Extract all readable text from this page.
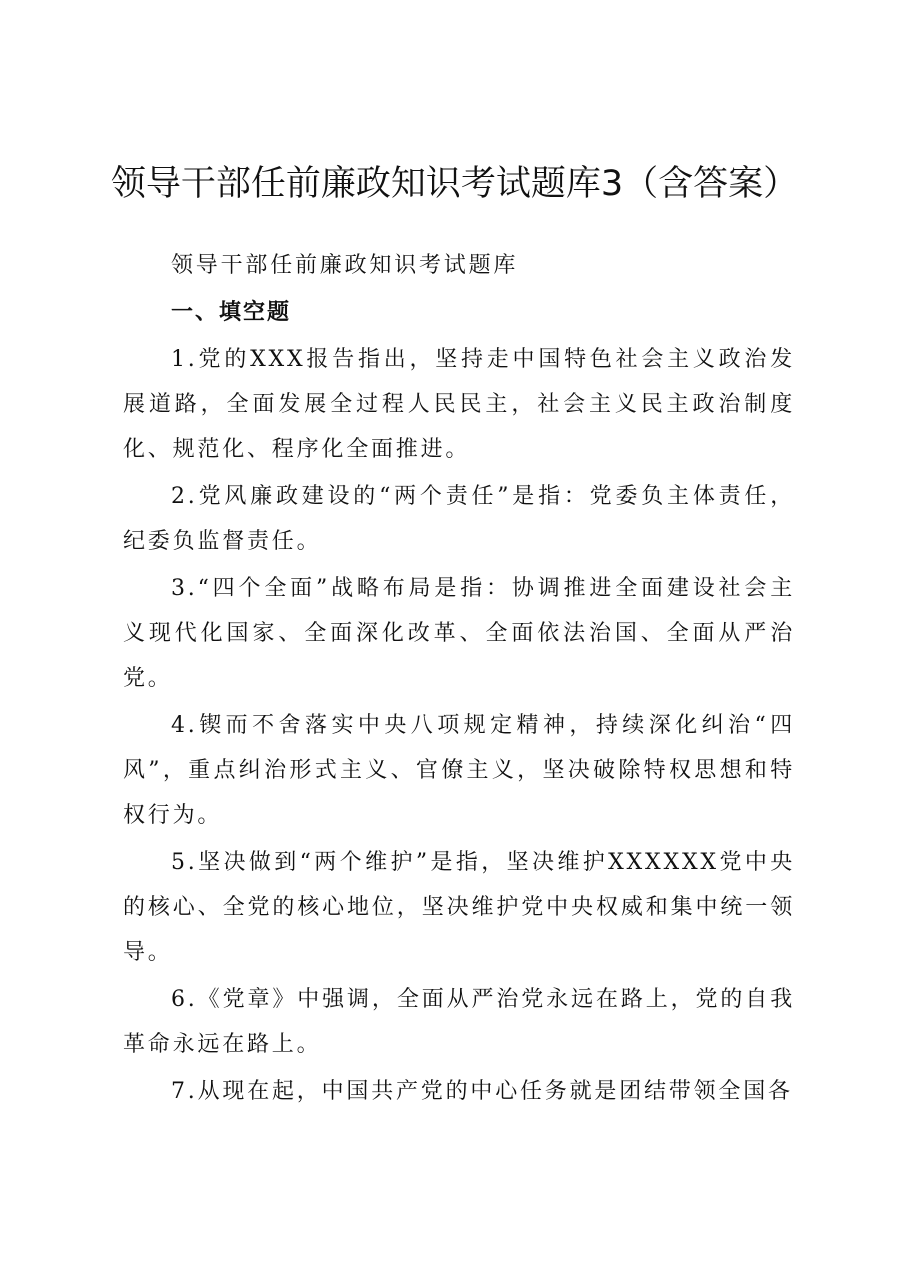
领导干部任前廉政知识考试题库3（含答案）

领导干部任前廉政知识考试题库

一、填空题

1.党的XXX报告指出，坚持走中国特色社会主义政治发展道路，全面发展全过程人民民主，社会主义民主政治制度化、规范化、程序化全面推进。

2.党风廉政建设的“两个责任”是指：党委负主体责任，纪委负监督责任。

3.“四个全面”战略布局是指：协调推进全面建设社会主义现代化国家、全面深化改革、全面依法治国、全面从严治党。

4.锲而不舍落实中央八项规定精神，持续深化纠治“四风”，重点纠治形式主义、官僚主义，坚决破除特权思想和特权行为。

5.坚决做到“两个维护”是指，坚决维护XXXXXX党中央的核心、全党的核心地位，坚决维护党中央权威和集中统一领导。

6.《党章》中强调，全面从严治党永远在路上，党的自我革命永远在路上。

7.从现在起，中国共产党的中心任务就是团结带领全国各
